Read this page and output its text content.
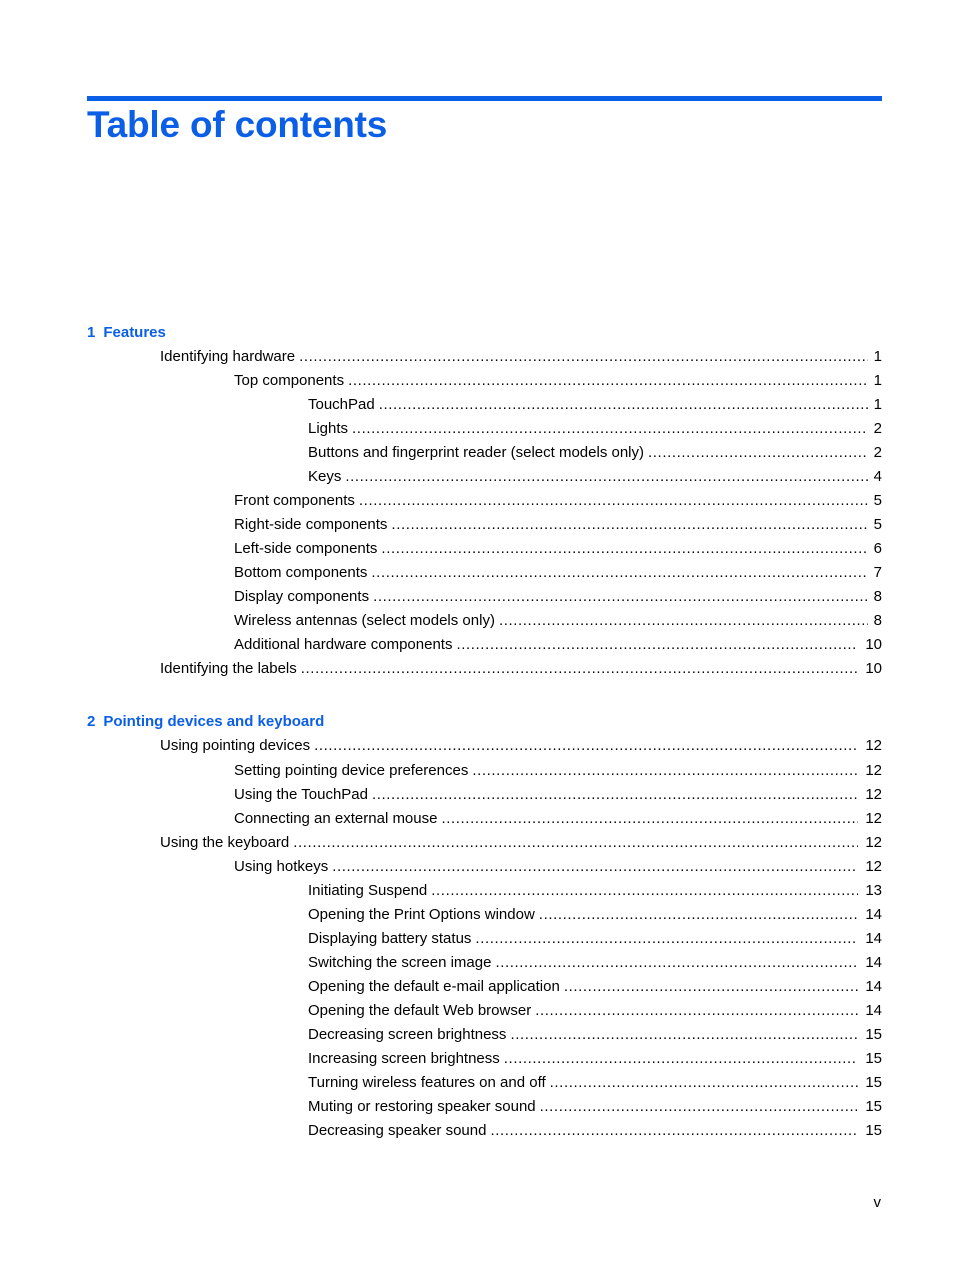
Table of contents
1 Features
Identifying hardware .....	1
Top components .....	1
TouchPad .....	1
Lights .....	2
Buttons and fingerprint reader (select models only) .....	2
Keys .....	4
Front components .....	5
Right-side components .....	5
Left-side components .....	6
Bottom components .....	7
Display components .....	8
Wireless antennas (select models only) .....	8
Additional hardware components .....	10
Identifying the labels .....	10
2 Pointing devices and keyboard
Using pointing devices .....	12
Setting pointing device preferences .....	12
Using the TouchPad .....	12
Connecting an external mouse .....	12
Using the keyboard .....	12
Using hotkeys .....	12
Initiating Suspend .....	13
Opening the Print Options window .....	14
Displaying battery status .....	14
Switching the screen image .....	14
Opening the default e-mail application .....	14
Opening the default Web browser .....	14
Decreasing screen brightness .....	15
Increasing screen brightness .....	15
Turning wireless features on and off .....	15
Muting or restoring speaker sound .....	15
Decreasing speaker sound .....	15
v
